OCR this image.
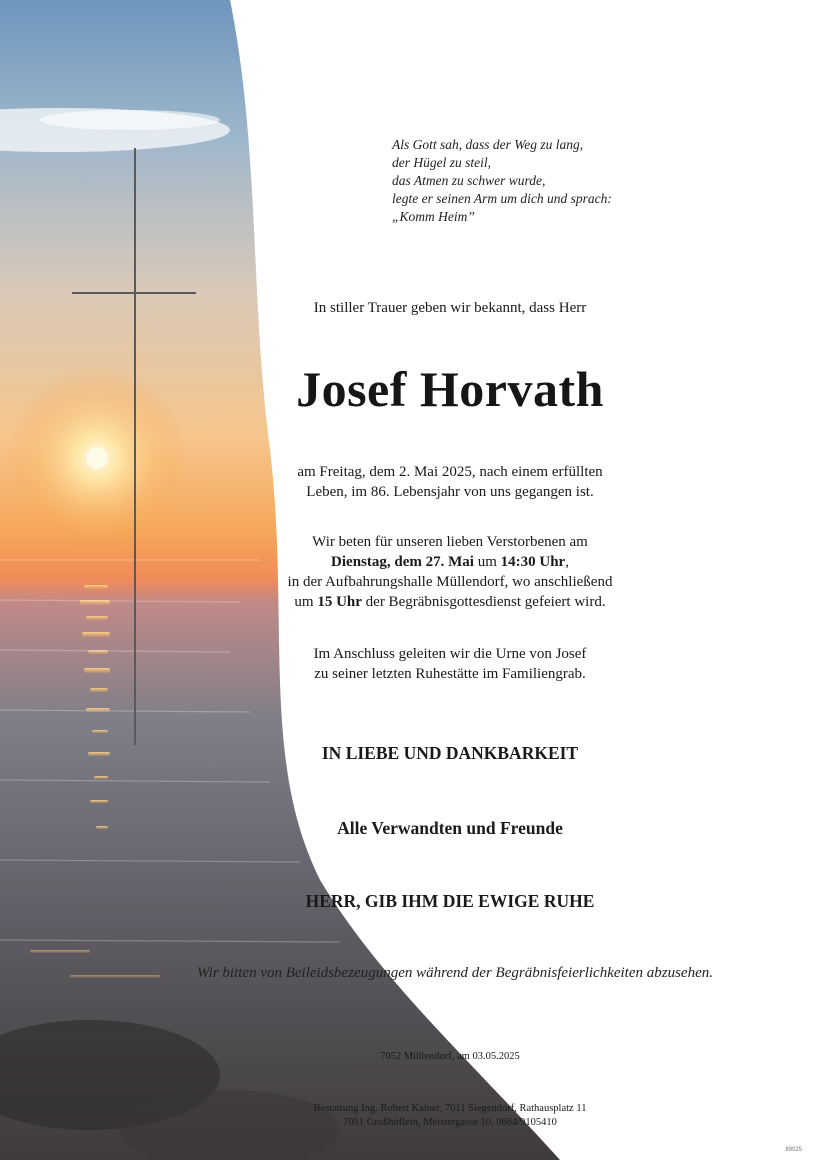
Als Gott sah, dass der Weg zu lang,
der Hügel zu steil,
das Atmen zu schwer wurde,
legte er seinen Arm um dich und sprach:
„Komm Heim”
In stiller Trauer geben wir bekannt, dass Herr
Josef Horvath
am Freitag, dem 2. Mai 2025, nach einem erfüllten
Leben, im 86. Lebensjahr von uns gegangen ist.
Wir beten für unseren lieben Verstorbenen am
Dienstag, dem 27. Mai um 14:30 Uhr,
in der Aufbahrungshalle Müllendorf, wo anschließend
um 15 Uhr der Begräbnisgottesdienst gefeiert wird.
Im Anschluss geleiten wir die Urne von Josef
zu seiner letzten Ruhestätte im Familiengrab.
IN LIEBE UND DANKBARKEIT
Alle Verwandten und Freunde
HERR, GIB IHM DIE EWIGE RUHE
Wir bitten von Beileidsbezeugungen während der Begräbnisfeierlichkeiten abzusehen.
7052 Müllendorf, am 03.05.2025
Bestattung Ing. Robert Kainer, 7011 Siegendorf, Rathausplatz 11
7051 Großhöflein, Meistergasse 10, 0664/9105410
89025
